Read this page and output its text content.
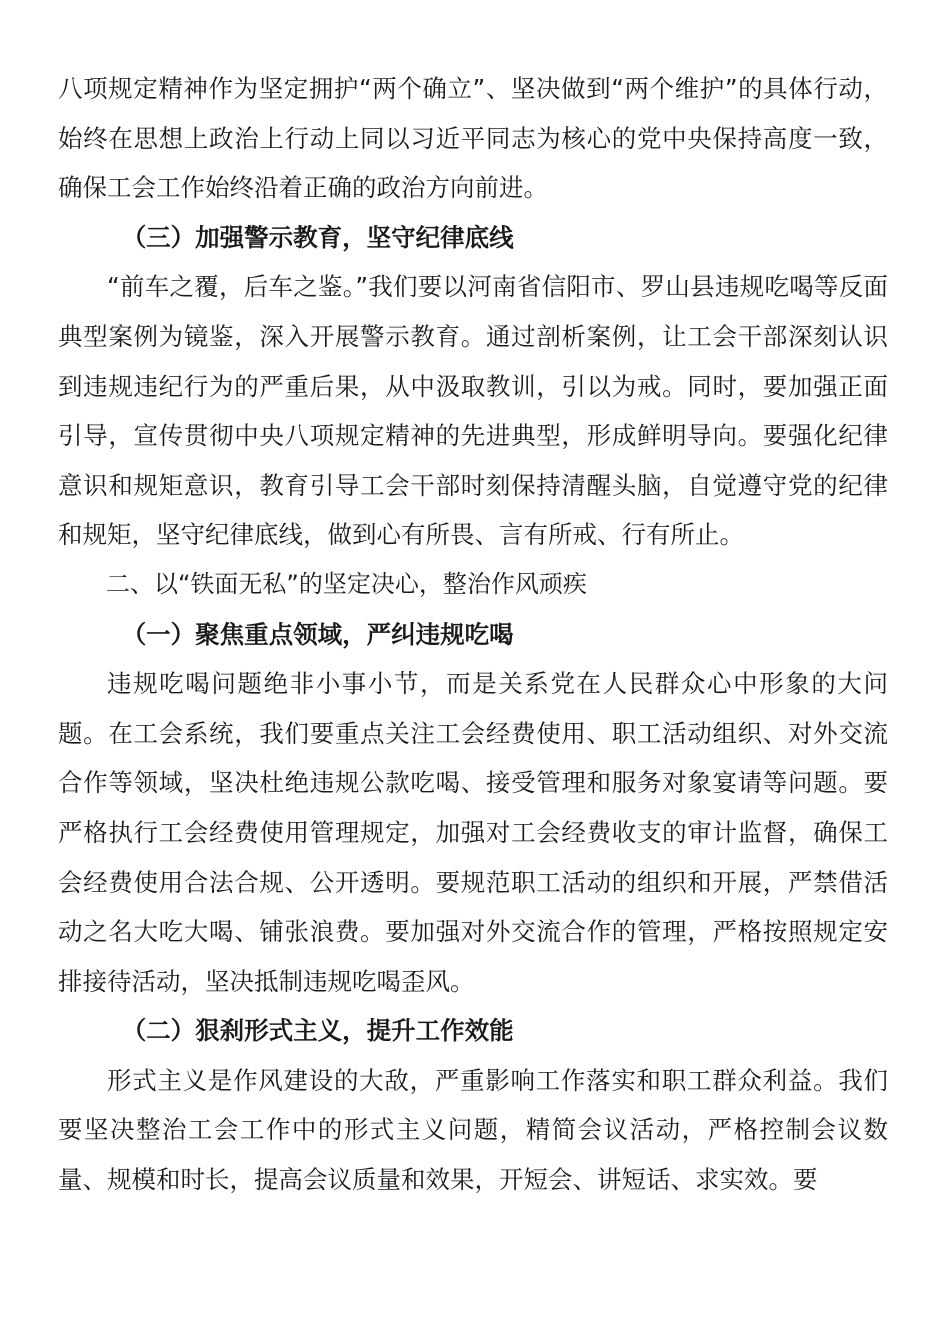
八项规定精神作为坚定拥护“两个确立”、坚决做到“两个维护”的具体行动，始终在思想上政治上行动上同以习近平同志为核心的党中央保持高度一致，确保工会工作始终沿着正确的政治方向前进。

（三）加强警示教育，坚守纪律底线

“前车之覆，后车之鉴。”我们要以河南省信阳市、罗山县违规吃喝等反面典型案例为镜鉴，深入开展警示教育。通过剖析案例，让工会干部深刻认识到违规违纪行为的严重后果，从中汲取教训，引以为戒。同时，要加强正面引导，宣传贯彻中央八项规定精神的先进典型，形成鲜明导向。要强化纪律意识和规矩意识，教育引导工会干部时刻保持清醒头脑，自觉遵守党的纪律和规矩，坚守纪律底线，做到心有所畏、言有所戒、行有所止。

二、以“铁面无私”的坚定决心，整治作风顽疾

（一）聚焦重点领域，严纠违规吃喝

违规吃喝问题绝非小事小节，而是关系党在人民群众心中形象的大问题。在工会系统，我们要重点关注工会经费使用、职工活动组织、对外交流合作等领域，坚决杜绝违规公款吃喝、接受管理和服务对象宴请等问题。要严格执行工会经费使用管理规定，加强对工会经费收支的审计监督，确保工会经费使用合法合规、公开透明。要规范职工活动的组织和开展，严禁借活动之名大吃大喝、铺张浪费。要加强对外交流合作的管理，严格按照规定安排接待活动，坚决抵制违规吃喝歪风。

（二）狠刹形式主义，提升工作效能

形式主义是作风建设的大敌，严重影响工作落实和职工群众利益。我们要坚决整治工会工作中的形式主义问题，精简会议活动，严格控制会议数量、规模和时长，提高会议质量和效果，开短会、讲短话、求实效。要
